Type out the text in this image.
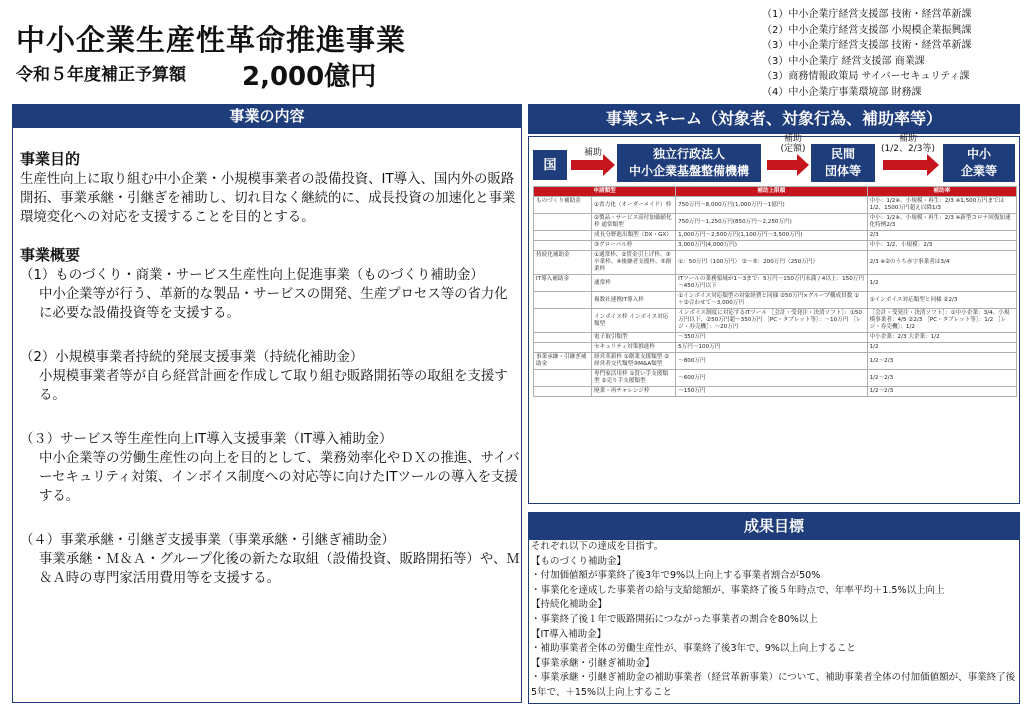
中小企業生産性革命推進事業
令和５年度補正予算額 2,000億円
（1）中小企業庁経営支援部 技術・経営革新課
（2）中小企業庁経営支援部 小規模企業振興課
（3）中小企業庁経営支援部 技術・経営革新課
（3）中小企業庁 経営支援部 商業課
（3）商務情報政策局 サイバーセキュリティ課
（4）中小企業庁事業環境部 財務課
事業の内容
事業目的
生産性向上に取り組む中小企業・小規模事業者の設備投資、IT導入、国内外の販路開拓、事業承継・引継ぎを補助し、切れ目なく継続的に、成長投資の加速化と事業環境変化への対応を支援することを目的とする。
事業概要
（1）ものづくり・商業・サービス生産性向上促進事業（ものづくり補助金）
中小企業等が行う、革新的な製品・サービスの開発、生産プロセス等の省力化に必要な設備投資等を支援する。
（2）小規模事業者持続的発展支援事業（持続化補助金）
小規模事業者等が自ら経営計画を作成して取り組む販路開拓等の取組を支援する。
（３）サービス等生産性向上IT導入支援事業（IT導入補助金）
中小企業等の労働生産性の向上を目的として、業務効率化やＤＸの推進、サイバーセキュリティ対策、インボイス制度への対応等に向けたITツールの導入を支援する。
（４）事業承継・引継ぎ支援事業（事業承継・引継ぎ補助金）
事業承継・Ｍ＆Ａ・グループ化後の新たな取組（設備投資、販路開拓等）や、Ｍ＆Ａ時の専門家活用費用等を支援する。
事業スキーム（対象者、対象行為、補助率等）
国
補助	独立行政法人
中小企業基盤整備機構
補助
(定額)	民間
団体等
補助
(1/2、2/3等)	中小
企業等
申請類型		補助上限額	補助率
ものづくり補助金	①省力化（オーダーメイド）枠	750万円～8,000万円(1,000万円～1億円)	中小：1/2※、小規模・再生：2/3 ※1,500万円までは1/2、1500万円超え以降1/3
	②製品・サービス高付加価値化枠 通常類型	750万円～1,250万円(850万円～2,250万円)	中小：1/2※、小規模・再生：2/3 ※新型コロナ回復加速化特例2/3
	成長分野進出類型（DX・GX）	1,000万円～2,500万円(1,100万円～3,500万円)	2/3
	③グローバル枠	3,000万円(4,000万円)	中小：1/2、小規模：2/3
持続化補助金	①通常枠、②賃金引上げ枠、③卒業枠、④後継者支援枠、⑤創業枠	①：50万円（100万円） ②～⑤：200万円（250万円）	2/3 ※②のうち赤字事業者は3/4
IT導入補助金	通常枠	ITツールの業務領域が1～3まで：5万円～150万円未満 / 4以上：150万円～450万円以下	1/2
	複数社連携IT導入枠	①インボイス対応類型の対象経費と同様 ②50万円×グループ構成員数 ①＋②合わせて～3,000万円	①インボイス対応類型と同様 ②2/3
	インボイス枠 インボイス対応類型	インボイス制度に対応するITツール ［会計・受発注・決済ソフト］：①50万円以下、②50万円超～350万円 ［PC・タブレット等］：～10万円 ［レジ・券売機］：～20万円	［会計・受発注・決済ソフト］：①中小企業：3/4、小規模事業者：4/5 ②2/3 ［PC・タブレット等］：1/2 ［レジ・券売機］：1/2
	電子取引類型	～350万円	中小企業：2/3 大企業：1/2
	セキュリティ対策推進枠	5万円～100万円	1/2
事業承継・引継ぎ補助金	経営革新枠 ①創業支援類型 ②経営者交代類型③M&A類型	～800万円	1/2～2/3
	専門家活用枠 ①買い手支援類型 ②売り手支援類型	～600万円	1/2～2/3
	廃業・再チャレンジ枠	～150万円	1/2～2/3
成果目標
それぞれ以下の達成を目指す。
【ものづくり補助金】
・付加価値額が事業終了後3年で9%以上向上する事業者割合が50%
・事業化を達成した事業者の給与支給総額が、事業終了後５年時点で、年率平均＋1.5%以上向上
【持続化補助金】
・事業終了後１年で販路開拓につながった事業者の割合を80%以上
【IT導入補助金】
・補助事業者全体の労働生産性が、事業終了後3年で、9%以上向上すること
【事業承継・引継ぎ補助金】
・事業承継・引継ぎ補助金の補助事業者（経営革新事業）について、補助事業者全体の付加価値額が、事業終了後5年で、＋15%以上向上すること
